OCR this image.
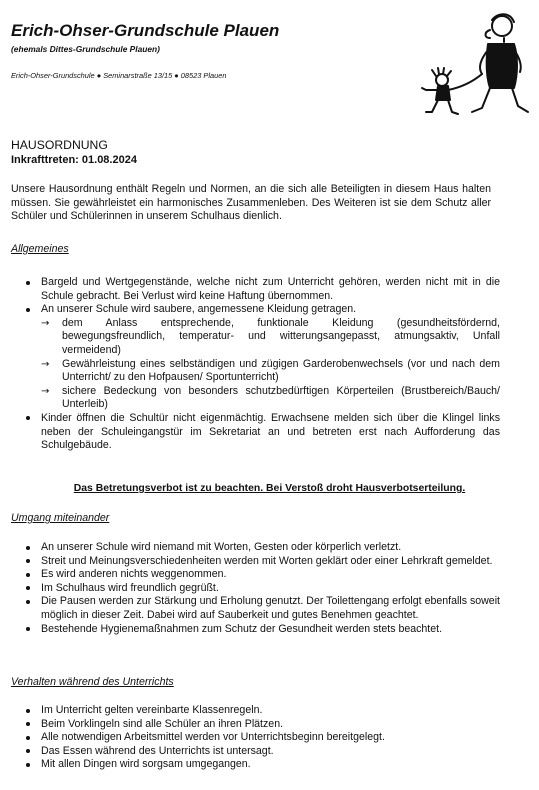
Erich-Ohser-Grundschule Plauen
(ehemals Dittes-Grundschule Plauen)
Erich-Ohser-Grundschule ● Seminarstraße 13/15 ● 08523 Plauen
HAUSORDNUNG
Inkrafttreten: 01.08.2024
Unsere Hausordnung enthält Regeln und Normen, an die sich alle Beteiligten in diesem Haus halten müssen. Sie gewährleistet ein harmonisches Zusammenleben. Des Weiteren ist sie dem Schutz aller Schüler und Schülerinnen in unserem Schulhaus dienlich.
Allgemeines
Bargeld und Wertgegenstände, welche nicht zum Unterricht gehören, werden nicht mit in die Schule gebracht. Bei Verlust wird keine Haftung übernommen.
An unserer Schule wird saubere, angemessene Kleidung getragen.
→ dem Anlass entsprechende, funktionale Kleidung (gesundheitsfördernd, bewegungsfreundlich, temperatur- und witterungsangepasst, atmungsaktiv, Unfall vermeidend)
→ Gewährleistung eines selbständigen und zügigen Garderobenwechsels (vor und nach dem Unterricht/ zu den Hofpausen/ Sportunterricht)
→ sichere Bedeckung von besonders schutzbedürftigen Körperteilen (Brustbereich/Bauch/ Unterleib)
Kinder öffnen die Schultür nicht eigenmächtig. Erwachsene melden sich über die Klingel links neben der Schuleingangstür im Sekretariat an und betreten erst nach Aufforderung das Schulgebäude.
Das Betretungsverbot ist zu beachten. Bei Verstoß droht Hausverbotserteilung.
Umgang miteinander
An unserer Schule wird niemand mit Worten, Gesten oder körperlich verletzt.
Streit und Meinungsverschiedenheiten werden mit Worten geklärt oder einer Lehrkraft gemeldet.
Es wird anderen nichts weggenommen.
Im Schulhaus wird freundlich gegrüßt.
Die Pausen werden zur Stärkung und Erholung genutzt. Der Toilettengang erfolgt ebenfalls soweit möglich in dieser Zeit. Dabei wird auf Sauberkeit und gutes Benehmen geachtet.
Bestehende Hygienemaßnahmen zum Schutz der Gesundheit werden stets beachtet.
Verhalten während des Unterrichts
Im Unterricht gelten vereinbarte Klassenregeln.
Beim Vorklingeln sind alle Schüler an ihren Plätzen.
Alle notwendigen Arbeitsmittel werden vor Unterrichtsbeginn bereitgelegt.
Das Essen während des Unterrichts ist untersagt.
Mit allen Dingen wird sorgsam umgegangen.
